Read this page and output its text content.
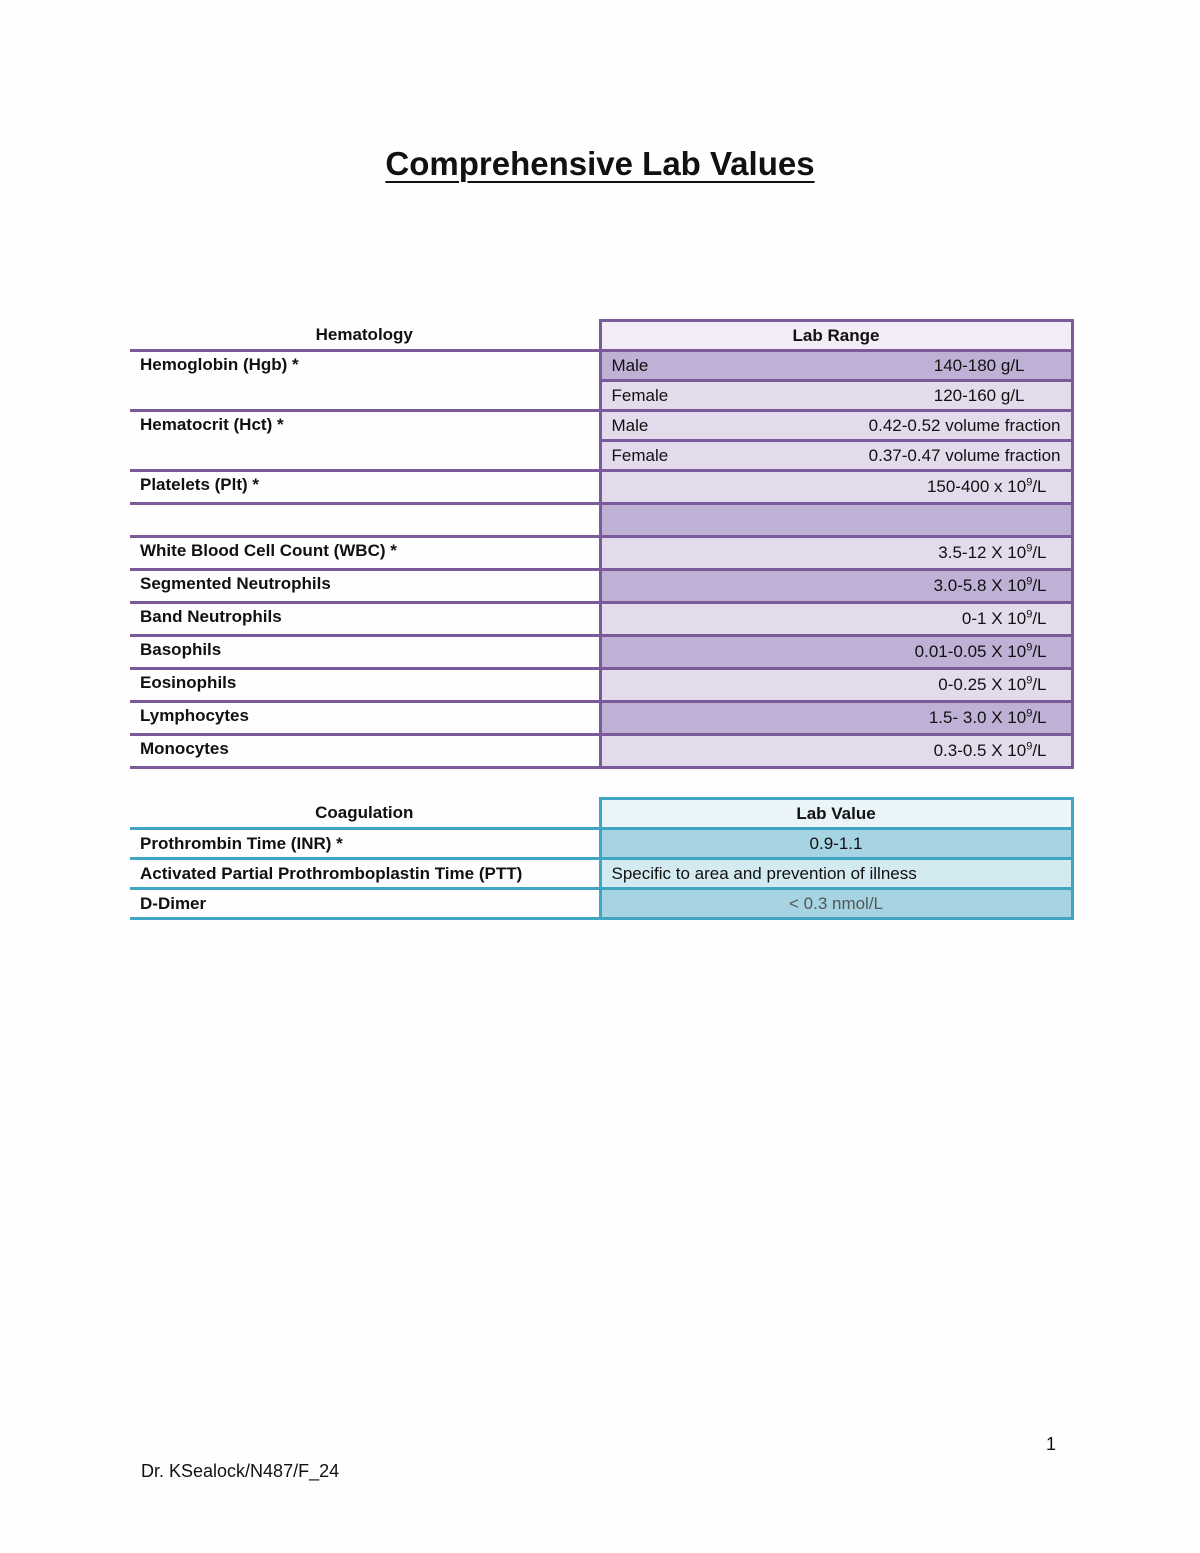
Comprehensive Lab Values
Hematology	Lab Range
Hemoglobin (Hgb) *	Male 140-180 g/L

	Female 120-160 g/L

Hematocrit (Hct) *	Male 0.42-0.52 volume fraction

	Female 0.37-0.47 volume fraction

Platelets (Plt) *	150-400 x $10^9/L$

White Blood Cell Count (WBC) *	3.5-12 X $10^9/L$
Segmented Neutrophils	3.0-5.8 X $10^9/L$
Band Neutrophils	0-1 X $10^9/L$
Basophils	0.01-0.05 X $10^9/L$
Eosinophils	0-0.25 X $10^9/L$
Lymphocytes	1.5- 3.0 X $10^9/L$
Monocytes	0.3-0.5 X $10^9/L$
Coagulation	Lab Value
Prothrombin Time (INR) *	0.9-1.1
Activated Partial Prothromboplastin Time (PTT)	Specific to area and prevention of illness
D-Dimer	< 0.3 nmol/L
1
Dr. KSealock/N487/F_24
